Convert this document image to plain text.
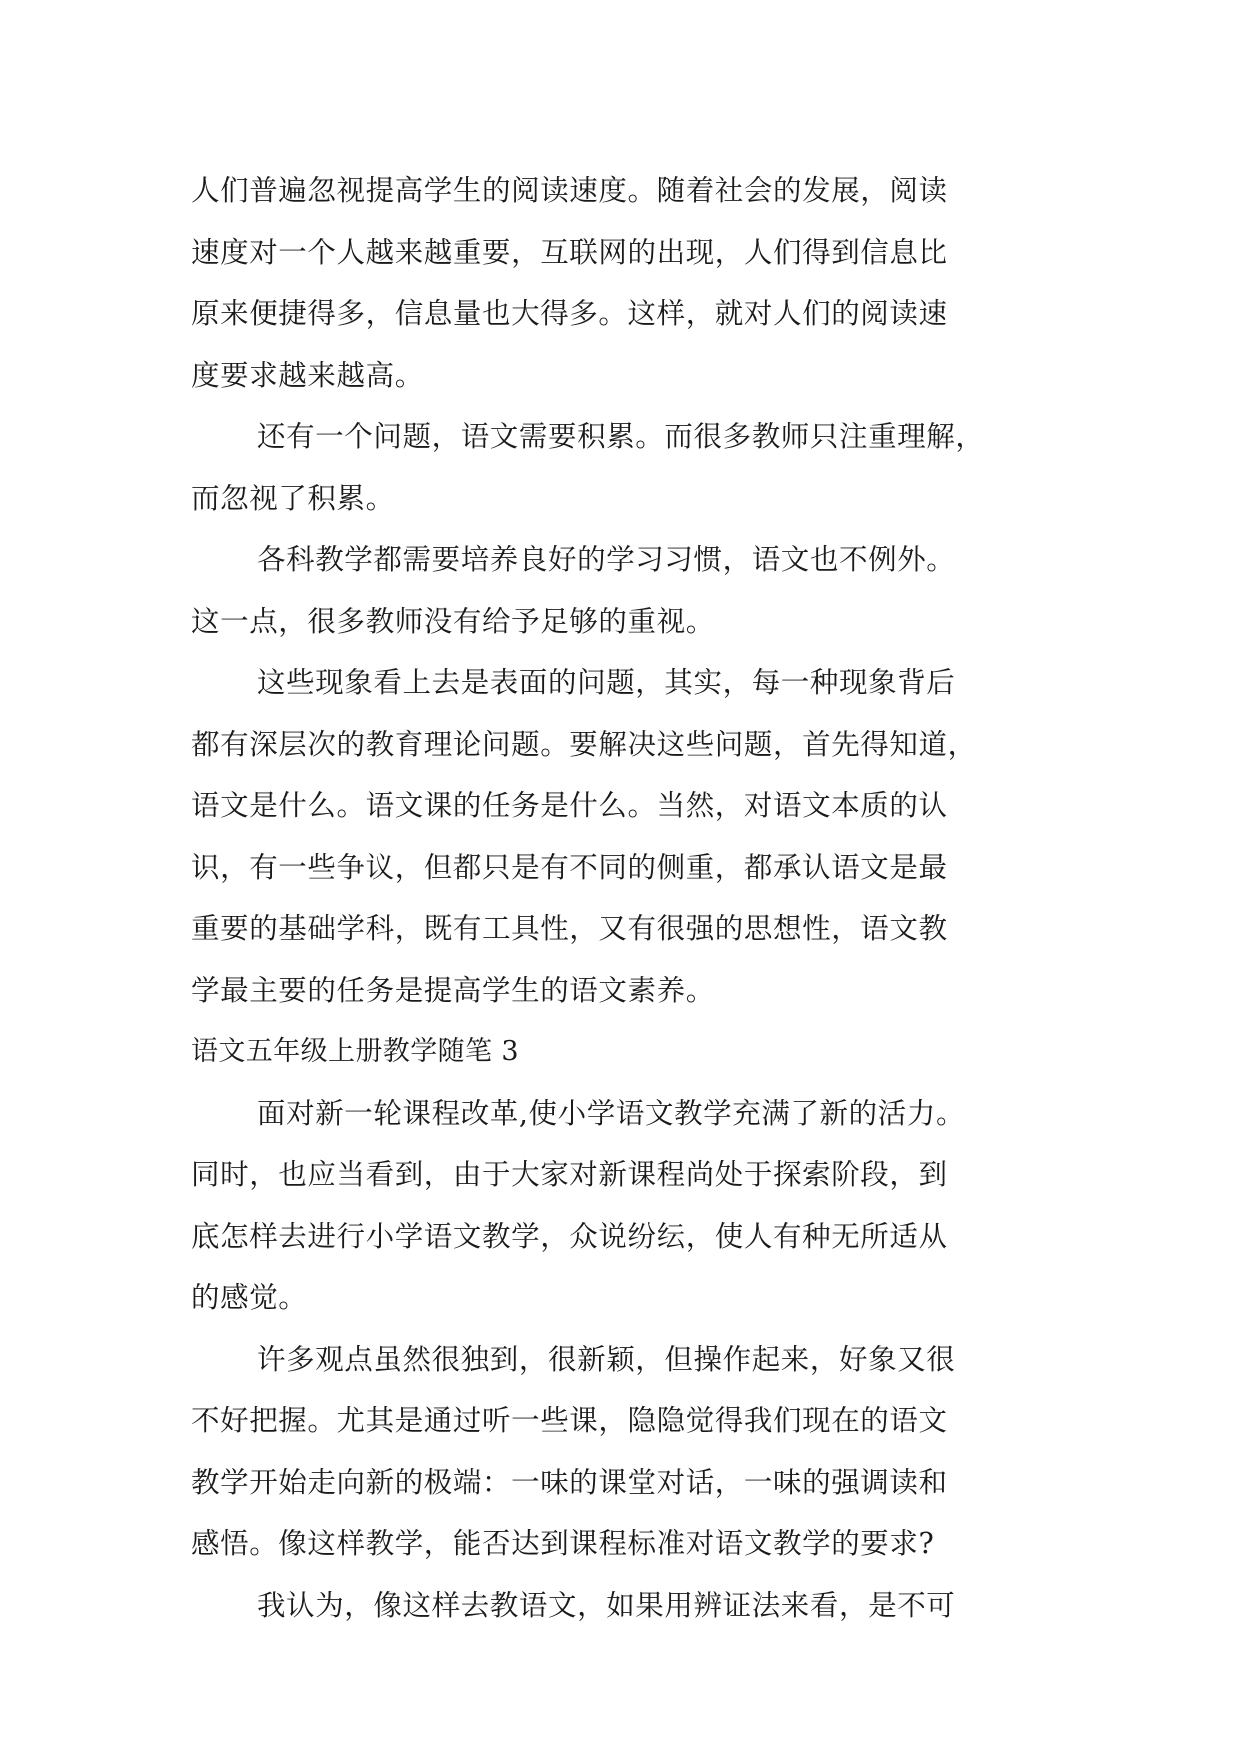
人们普遍忽视提高学生的阅读速度。随着社会的发展，阅读
速度对一个人越来越重要，互联网的出现，人们得到信息比
原来便捷得多，信息量也大得多。这样，就对人们的阅读速
度要求越来越高。
还有一个问题，语文需要积累。而很多教师只注重理解，
而忽视了积累。
各科教学都需要培养良好的学习习惯，语文也不例外。
这一点，很多教师没有给予足够的重视。
这些现象看上去是表面的问题，其实，每一种现象背后
都有深层次的教育理论问题。要解决这些问题，首先得知道，
语文是什么。语文课的任务是什么。当然，对语文本质的认
识，有一些争议，但都只是有不同的侧重，都承认语文是最
重要的基础学科，既有工具性，又有很强的思想性，语文教
学最主要的任务是提高学生的语文素养。
语文五年级上册教学随笔 3
面对新一轮课程改革,使小学语文教学充满了新的活力。
同时，也应当看到，由于大家对新课程尚处于探索阶段，到
底怎样去进行小学语文教学，众说纷纭，使人有种无所适从
的感觉。
许多观点虽然很独到，很新颖，但操作起来，好象又很
不好把握。尤其是通过听一些课，隐隐觉得我们现在的语文
教学开始走向新的极端：一味的课堂对话，一味的强调读和
感悟。像这样教学，能否达到课程标准对语文教学的要求?
我认为，像这样去教语文，如果用辨证法来看，是不可
